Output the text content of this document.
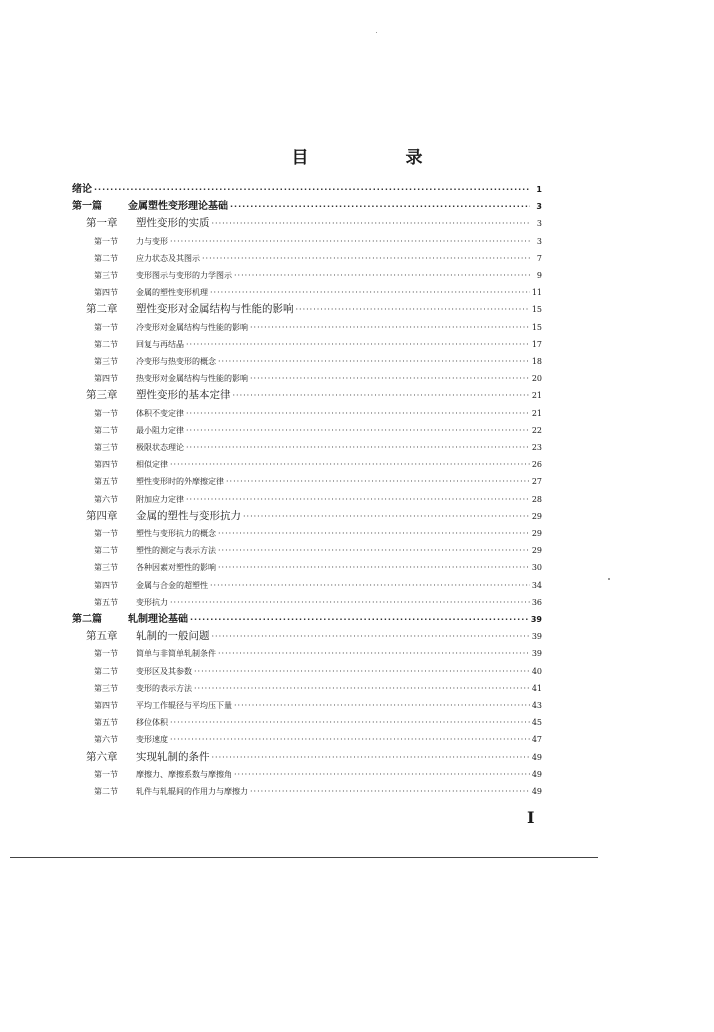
目　录
绪论 ·····	1
第一篇	金属塑性变形理论基础 ·····	3
第一章 塑性变形的实质 ·····	3
第一节 力与变形 ·····	3
第二节 应力状态及其图示 ·····	7
第三节 变形图示与变形的力学图示 ·····	9
第四节 金属的塑性变形机理 ·····	11
第二章 塑性变形对金属结构与性能的影响 ·····	15
第一节 冷变形对金属结构与性能的影响 ·····	15
第二节 回复与再结晶 ·····	17
第三节 冷变形与热变形的概念 ·····	18
第四节 热变形对金属结构与性能的影响 ·····	20
第三章 塑性变形的基本定律 ·····	21
第一节 体积不变定律 ·····	21
第二节 最小阻力定律 ·····	22
第三节 极限状态理论 ·····	23
第四节 相似定律 ·····	26
第五节 塑性变形时的外摩擦定律 ·····	27
第六节 附加应力定律 ·····	28
第四章 金属的塑性与变形抗力 ·····	29
第一节 塑性与变形抗力的概念 ·····	29
第二节 塑性的测定与表示方法 ·····	29
第三节 各种因素对塑性的影响 ·····	30
第四节 金属与合金的超塑性 ·····	34
第五节 变形抗力 ·····	36
第二篇	轧制理论基础 ·····	39
第五章 轧制的一般问题 ·····	39
第一节 简单与非简单轧制条件 ·····	39
第二节 变形区及其参数 ·····	40
第三节 变形的表示方法 ·····	41
第四节 平均工作辊径与平均压下量 ·····	43
第五节 移位体积 ·····	45
第六节 变形速度 ·····	47
第六章 实现轧制的条件 ·····	49
第一节 摩擦力、摩擦系数与摩擦角 ·····	49
第二节 轧件与轧辊间的作用力与摩擦力 ·····	49
I
